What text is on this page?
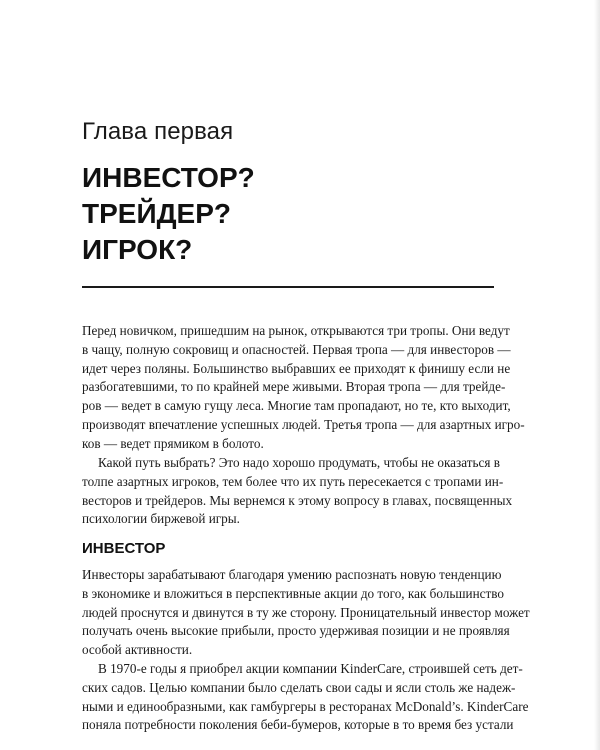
Глава первая
ИНВЕСТОР?
ТРЕЙДЕР?
ИГРОК?
Перед новичком, пришедшим на рынок, открываются три тропы. Они ведут
в чащу, полную сокровищ и опасностей. Первая тропа — для инвесторов —
идет через поляны. Большинство выбравших ее приходят к финишу если не
разбогатевшими, то по крайней мере живыми. Вторая тропа — для трейде-
ров — ведет в самую гущу леса. Многие там пропадают, но те, кто выходит,
производят впечатление успешных людей. Третья тропа — для азартных игро-
ков — ведет прямиком в болото.
Какой путь выбрать? Это надо хорошо продумать, чтобы не оказаться в
толпе азартных игроков, тем более что их путь пересекается с тропами ин-
весторов и трейдеров. Мы вернемся к этому вопросу в главах, посвященных
психологии биржевой игры.
ИНВЕСТОР
Инвесторы зарабатывают благодаря умению распознать новую тенденцию
в экономике и вложиться в перспективные акции до того, как большинство
людей проснутся и двинутся в ту же сторону. Проницательный инвестор может
получать очень высокие прибыли, просто удерживая позиции и не проявляя
особой активности.
В 1970-е годы я приобрел акции компании KinderCare, строившей сеть дет-
ских садов. Целью компании было сделать свои сады и ясли столь же надеж-
ными и единообразными, как гамбургеры в ресторанах McDonald’s. KinderCare
поняла потребности поколения беби-бумеров, которые в то время без устали
